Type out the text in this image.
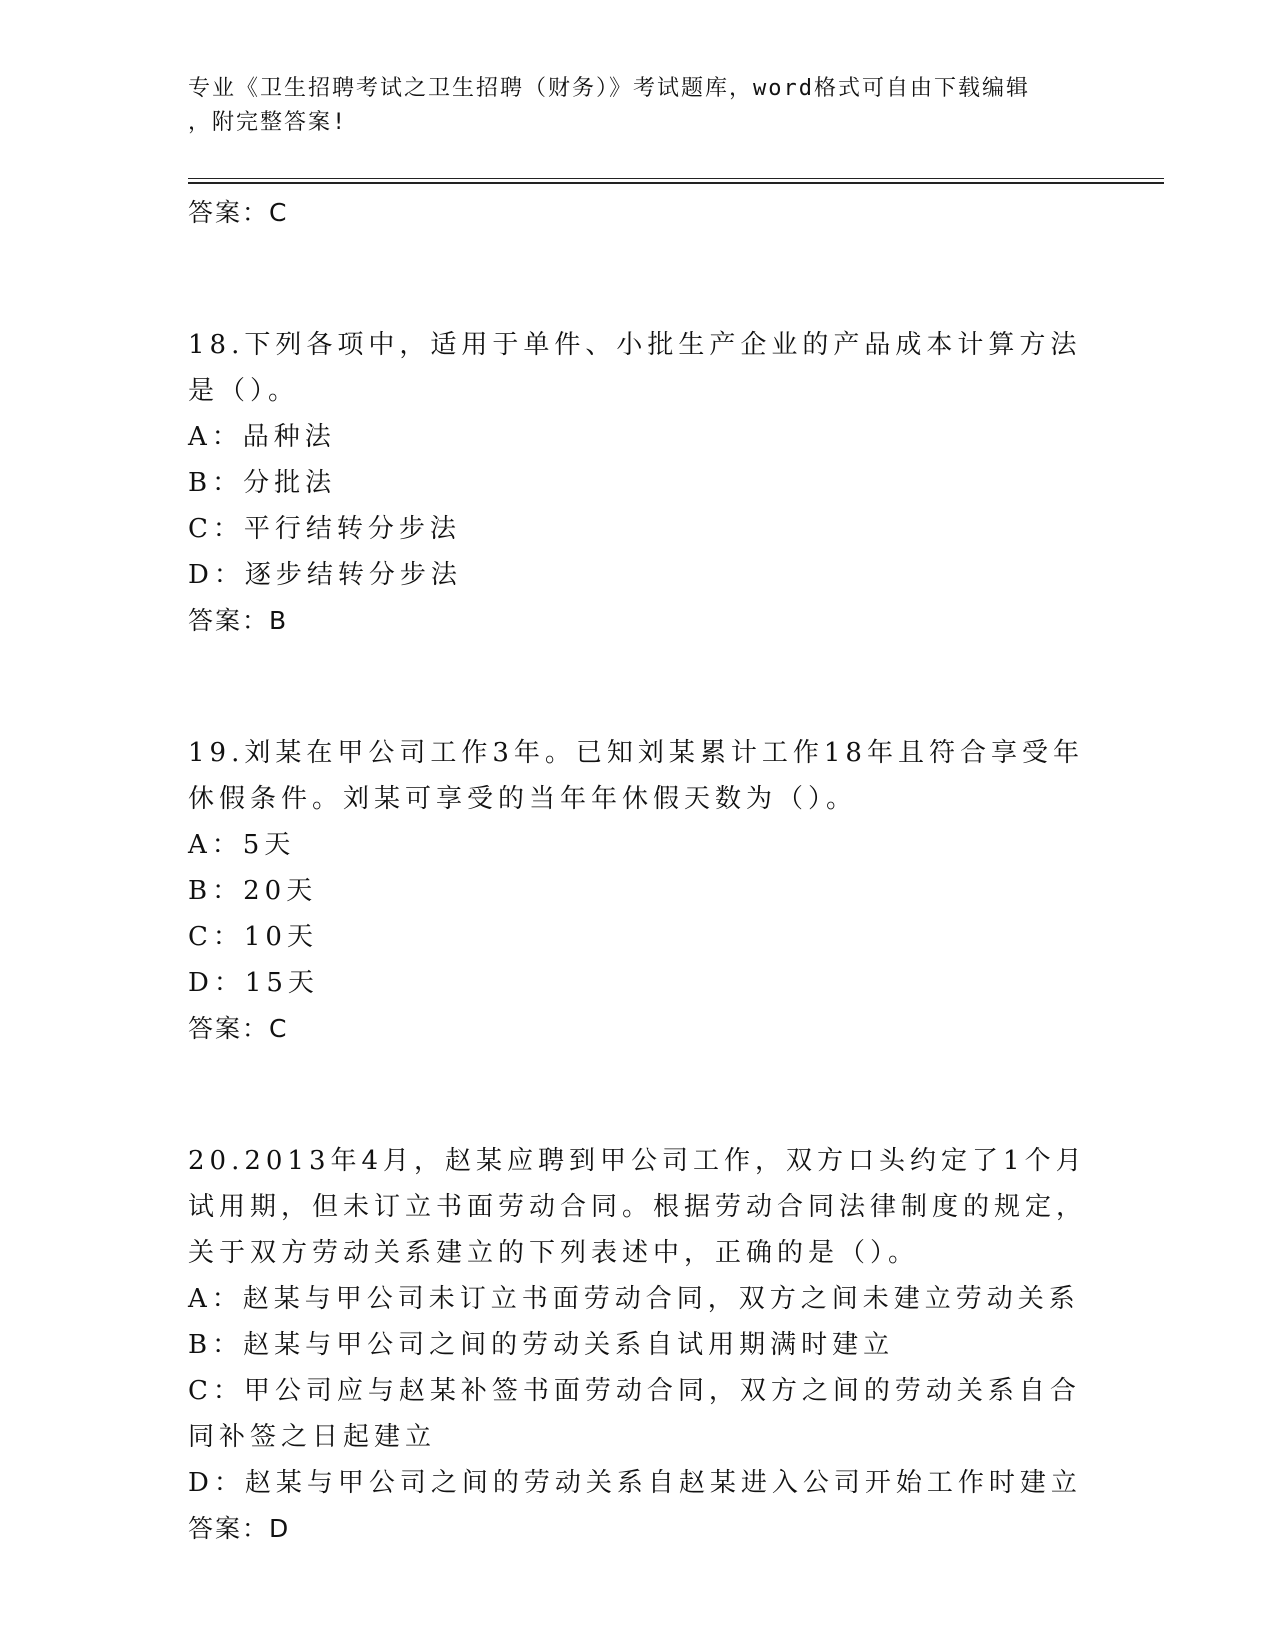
专业《卫生招聘考试之卫生招聘（财务）》考试题库，word格式可自由下载编辑
，附完整答案!

答案：C

18.下列各项中，适用于单件、小批生产企业的产品成本计算方法是（）。

A：品种法

B：分批法

C：平行结转分步法

D：逐步结转分步法

答案：B

19.刘某在甲公司工作3年。已知刘某累计工作18年且符合享受年休假条件。刘某可享受的当年年休假天数为（）。

A：5天

B：20天

C：10天

D：15天

答案：C

20.2013年4月，赵某应聘到甲公司工作，双方口头约定了1个月试用期，但未订立书面劳动合同。根据劳动合同法律制度的规定，关于双方劳动关系建立的下列表述中，正确的是（）。

A：赵某与甲公司未订立书面劳动合同，双方之间未建立劳动关系

B：赵某与甲公司之间的劳动关系自试用期满时建立

C：甲公司应与赵某补签书面劳动合同，双方之间的劳动关系自合同补签之日起建立

D：赵某与甲公司之间的劳动关系自赵某进入公司开始工作时建立

答案：D
